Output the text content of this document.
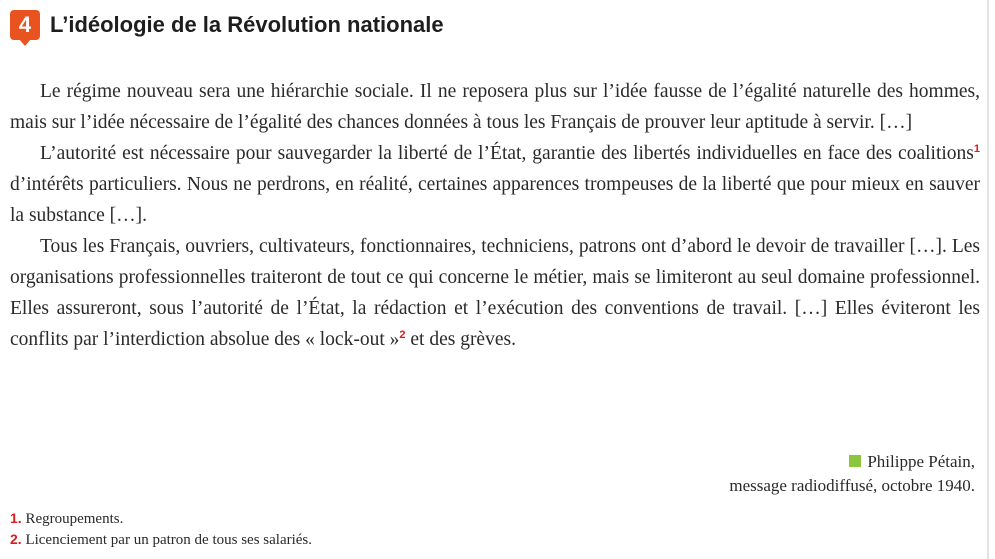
4 L’idéologie de la Révolution nationale

Le régime nouveau sera une hiérarchie sociale. Il ne reposera plus sur l’idée fausse de l’égalité naturelle des hommes, mais sur l’idée nécessaire de l’égalité des chances données à tous les Français de prouver leur aptitude à servir. […]

L’autorité est nécessaire pour sauvegarder la liberté de l’État, garantie des libertés individuelles en face des coalitions$^1$ d’intérêts particuliers. Nous ne perdrons, en réalité, certaines apparences trompeuses de la liberté que pour mieux en sauver la substance […].

Tous les Français, ouvriers, cultivateurs, fonctionnaires, techniciens, patrons ont d’abord le devoir de travailler […]. Les organisations professionnelles traiteront de tout ce qui concerne le métier, mais se limiteront au seul domaine professionnel. Elles assureront, sous l’autorité de l’État, la rédaction et l’exécution des conventions de travail. […] Elles éviteront les conflits par l’interdiction absolue des « lock-out »$^2$ et des grèves.

Philippe Pétain,
message radiodiffusé, octobre 1940.
1. Regroupements.
2. Licenciement par un patron de tous ses salariés.
